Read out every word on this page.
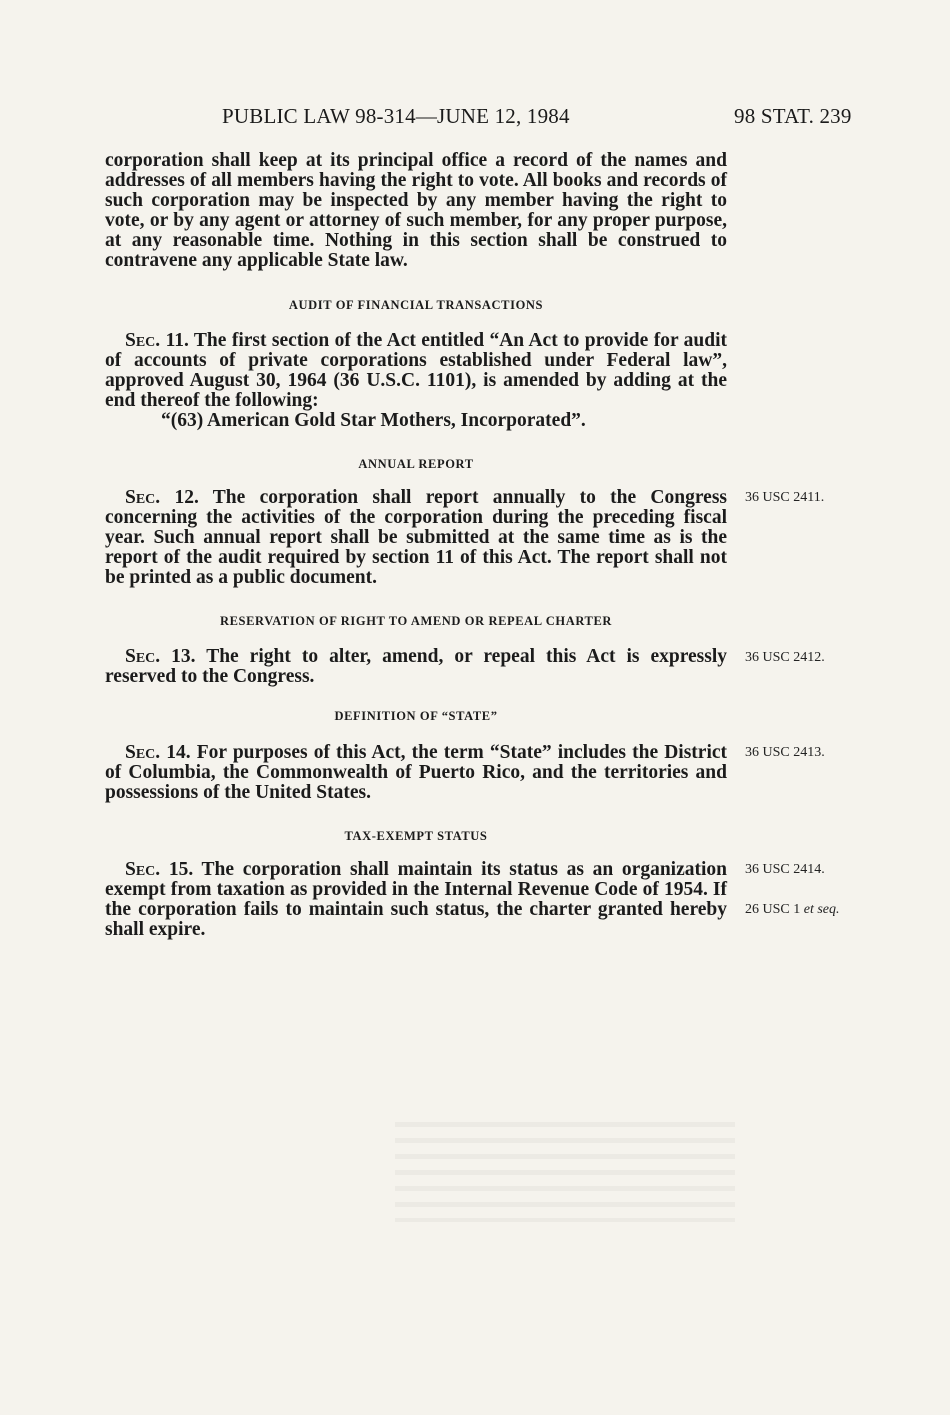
PUBLIC LAW 98-314—JUNE 12, 1984	98 STAT. 239

corporation shall keep at its principal office a record of the names and addresses of all members having the right to vote. All books and records of such corporation may be inspected by any member having the right to vote, or by any agent or attorney of such member, for any proper purpose, at any reasonable time. Nothing in this section shall be construed to contravene any applicable State law.

AUDIT OF FINANCIAL TRANSACTIONS

Sec. 11. The first section of the Act entitled “An Act to provide for audit of accounts of private corporations established under Federal law”, approved August 30, 1964 (36 U.S.C. 1101), is amended by adding at the end thereof the following:

“(63) American Gold Star Mothers, Incorporated”.

ANNUAL REPORT

Sec. 12. The corporation shall report annually to the Congress concerning the activities of the corporation during the preceding fiscal year. Such annual report shall be submitted at the same time as is the report of the audit required by section 11 of this Act. The report shall not be printed as a public document.

36 USC 2411.
RESERVATION OF RIGHT TO AMEND OR REPEAL CHARTER

Sec. 13. The right to alter, amend, or repeal this Act is expressly reserved to the Congress.

36 USC 2412.
DEFINITION OF “STATE”

Sec. 14. For purposes of this Act, the term “State” includes the District of Columbia, the Commonwealth of Puerto Rico, and the territories and possessions of the United States.

36 USC 2413.
TAX-EXEMPT STATUS

Sec. 15. The corporation shall maintain its status as an organization exempt from taxation as provided in the Internal Revenue Code of 1954. If the corporation fails to maintain such status, the charter granted hereby shall expire.

36 USC 2414.
26 USC 1 et seq.
